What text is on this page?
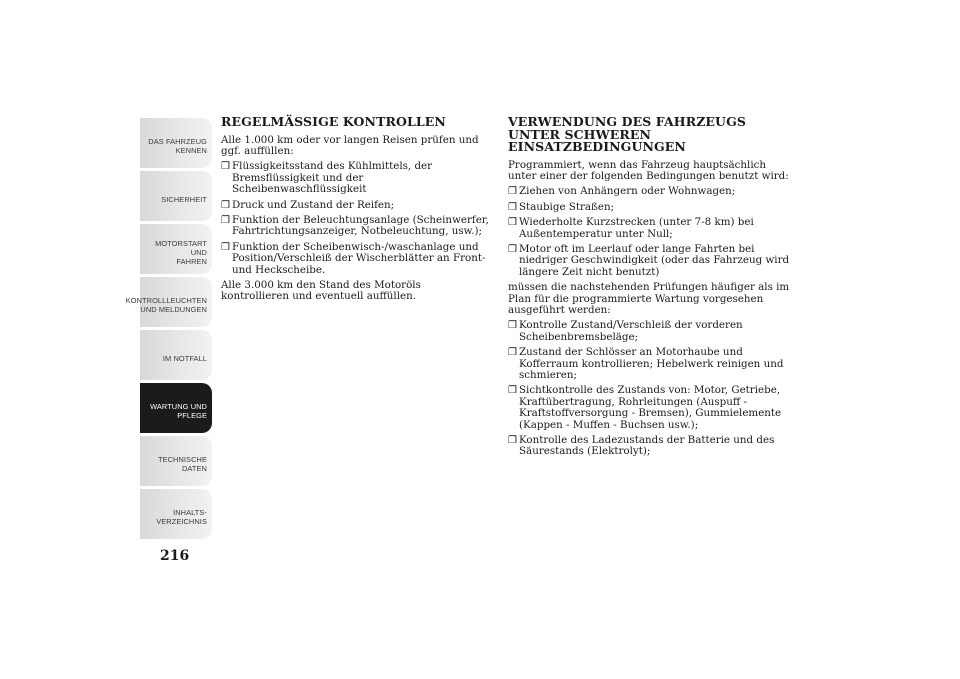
DAS FAHRZEUG
KENNEN
SICHERHEIT
MOTORSTART UND
FAHREN
KONTROLLLEUCHTEN
UND MELDUNGEN
IM NOTFALL
WARTUNG UND
PFLEGE
TECHNISCHE
DATEN
INHALTS-
VERZEICHNIS
216
REGELMÄSSIGE KONTROLLEN

Alle 1.000 km oder vor langen Reisen prüfen und ggf. auffüllen:

❒ Flüssigkeitsstand des Kühlmittels, der Bremsflüssigkeit und der Scheibenwaschflüssigkeit
❒ Druck und Zustand der Reifen;
❒ Funktion der Beleuchtungsanlage (Scheinwerfer, Fahrtrichtungsanzeiger, Notbeleuchtung, usw.);
❒ Funktion der Scheibenwisch-/waschanlage und Position/Verschleiß der Wischerblätter an Front- und Heckscheibe.

Alle 3.000 km den Stand des Motoröls kontrollieren und eventuell auffüllen.

VERWENDUNG DES FAHRZEUGS UNTER SCHWEREN EINSATZBEDINGUNGEN

Programmiert, wenn das Fahrzeug hauptsächlich unter einer der folgenden Bedingungen benutzt wird:

❒ Ziehen von Anhängern oder Wohnwagen;
❒ Staubige Straßen;
❒ Wiederholte Kurzstrecken (unter 7-8 km) bei Außentemperatur unter Null;
❒ Motor oft im Leerlauf oder lange Fahrten bei niedriger Geschwindigkeit (oder das Fahrzeug wird längere Zeit nicht benutzt)

müssen die nachstehenden Prüfungen häufiger als im Plan für die programmierte Wartung vorgesehen ausgeführt werden:

❒ Kontrolle Zustand/Verschleiß der vorderen Scheibenbremsbeläge;
❒ Zustand der Schlösser an Motorhaube und Kofferraum kontrollieren; Hebelwerk reinigen und schmieren;
❒ Sichtkontrolle des Zustands von: Motor, Getriebe, Kraftübertragung, Rohrleitungen (Auspuff - Kraftstoffversorgung - Bremsen), Gummielemente (Kappen - Muffen - Buchsen usw.);
❒ Kontrolle des Ladezustands der Batterie und des Säurestands (Elektrolyt);
